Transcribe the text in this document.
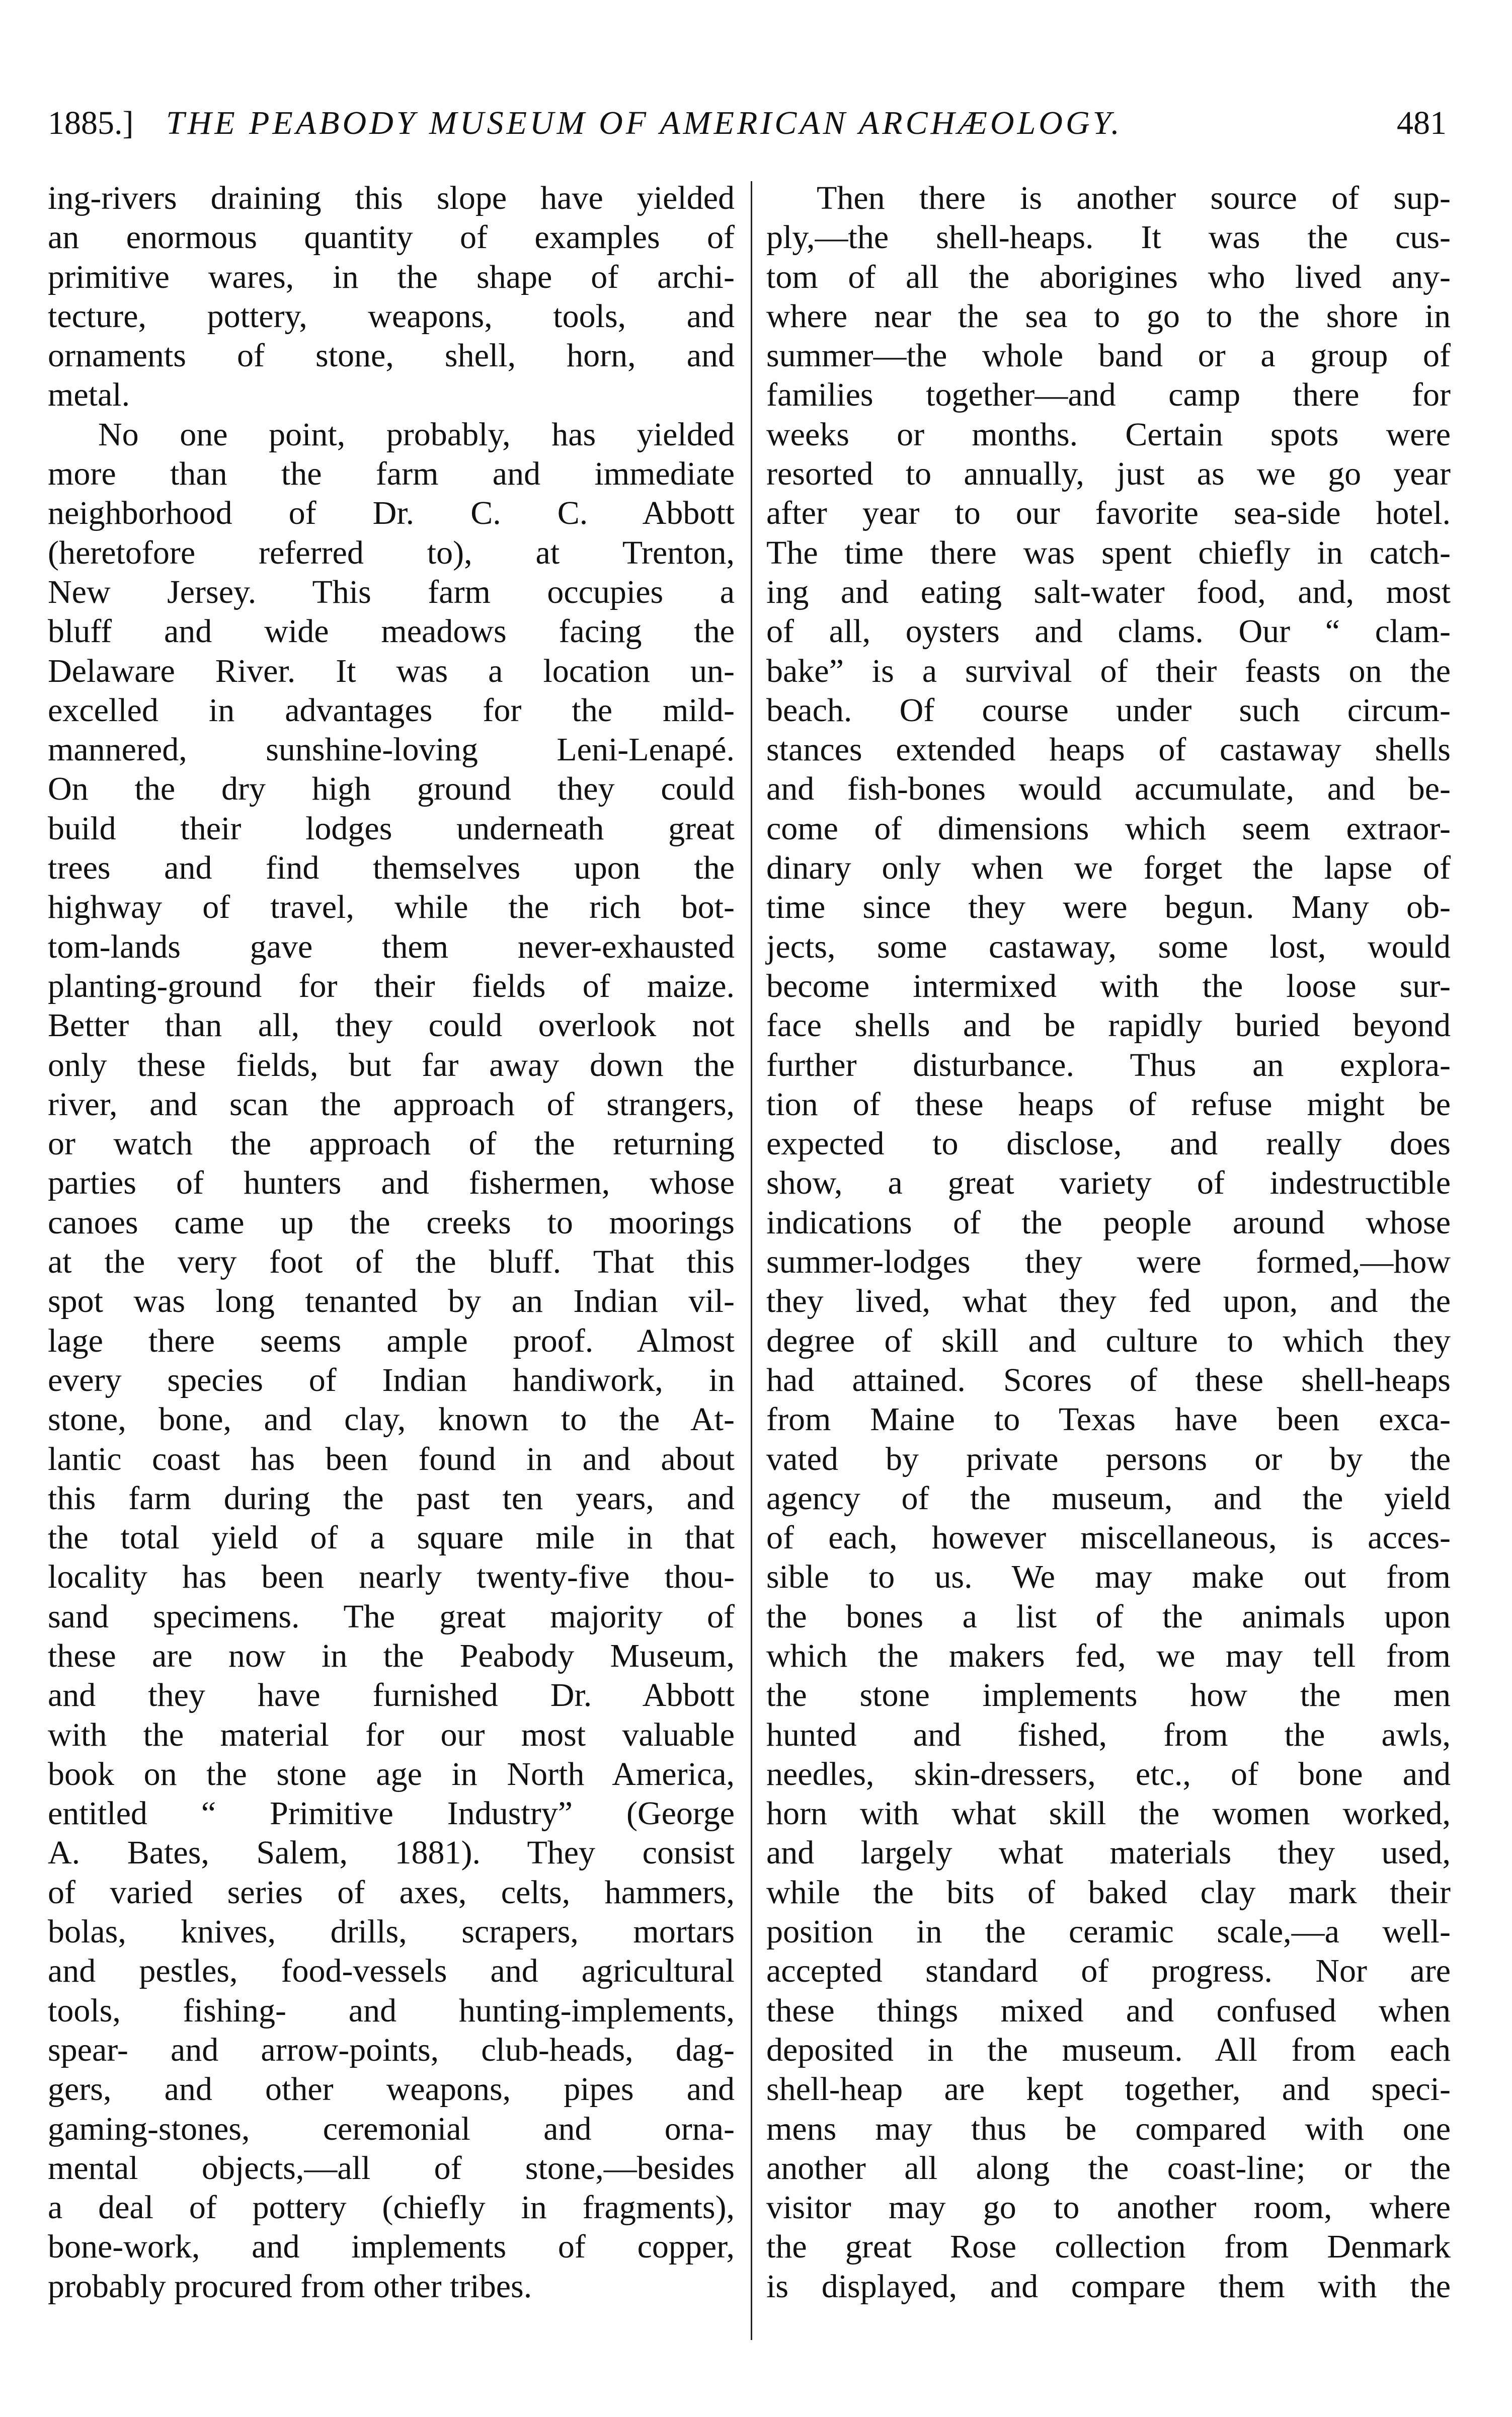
1885.] THE PEABODY MUSEUM OF AMERICAN ARCHÆOLOGY.	481
ing-rivers draining this slope have yielded
an enormous quantity of examples of
primitive wares, in the shape of archi-
tecture, pottery, weapons, tools, and
ornaments of stone, shell, horn, and
metal.
No one point, probably, has yielded
more than the farm and immediate
neighborhood of Dr. C. C. Abbott
(heretofore referred to), at Trenton,
New Jersey. This farm occupies a
bluff and wide meadows facing the
Delaware River. It was a location un-
excelled in advantages for the mild-
mannered, sunshine-loving Leni-Lenapé.
On the dry high ground they could
build their lodges underneath great
trees and find themselves upon the
highway of travel, while the rich bot-
tom-lands gave them never-exhausted
planting-ground for their fields of maize.
Better than all, they could overlook not
only these fields, but far away down the
river, and scan the approach of strangers,
or watch the approach of the returning
parties of hunters and fishermen, whose
canoes came up the creeks to moorings
at the very foot of the bluff. That this
spot was long tenanted by an Indian vil-
lage there seems ample proof. Almost
every species of Indian handiwork, in
stone, bone, and clay, known to the At-
lantic coast has been found in and about
this farm during the past ten years, and
the total yield of a square mile in that
locality has been nearly twenty-five thou-
sand specimens. The great majority of
these are now in the Peabody Museum,
and they have furnished Dr. Abbott
with the material for our most valuable
book on the stone age in North America,
entitled “ Primitive Industry” (George
A. Bates, Salem, 1881). They consist
of varied series of axes, celts, hammers,
bolas, knives, drills, scrapers, mortars
and pestles, food-vessels and agricultural
tools, fishing- and hunting-implements,
spear- and arrow-points, club-heads, dag-
gers, and other weapons, pipes and
gaming-stones, ceremonial and orna-
mental objects,—all of stone,—besides
a deal of pottery (chiefly in fragments),
bone-work, and implements of copper,
probably procured from other tribes.
Then there is another source of sup-
ply,—the shell-heaps. It was the cus-
tom of all the aborigines who lived any-
where near the sea to go to the shore in
summer—the whole band or a group of
families together—and camp there for
weeks or months. Certain spots were
resorted to annually, just as we go year
after year to our favorite sea-side hotel.
The time there was spent chiefly in catch-
ing and eating salt-water food, and, most
of all, oysters and clams. Our “ clam-
bake” is a survival of their feasts on the
beach. Of course under such circum-
stances extended heaps of castaway shells
and fish-bones would accumulate, and be-
come of dimensions which seem extraor-
dinary only when we forget the lapse of
time since they were begun. Many ob-
jects, some castaway, some lost, would
become intermixed with the loose sur-
face shells and be rapidly buried beyond
further disturbance. Thus an explora-
tion of these heaps of refuse might be
expected to disclose, and really does
show, a great variety of indestructible
indications of the people around whose
summer-lodges they were formed,—how
they lived, what they fed upon, and the
degree of skill and culture to which they
had attained. Scores of these shell-heaps
from Maine to Texas have been exca-
vated by private persons or by the
agency of the museum, and the yield
of each, however miscellaneous, is acces-
sible to us. We may make out from
the bones a list of the animals upon
which the makers fed, we may tell from
the stone implements how the men
hunted and fished, from the awls,
needles, skin-dressers, etc., of bone and
horn with what skill the women worked,
and largely what materials they used,
while the bits of baked clay mark their
position in the ceramic scale,—a well-
accepted standard of progress. Nor are
these things mixed and confused when
deposited in the museum. All from each
shell-heap are kept together, and speci-
mens may thus be compared with one
another all along the coast-line; or the
visitor may go to another room, where
the great Rose collection from Denmark
is displayed, and compare them with the
